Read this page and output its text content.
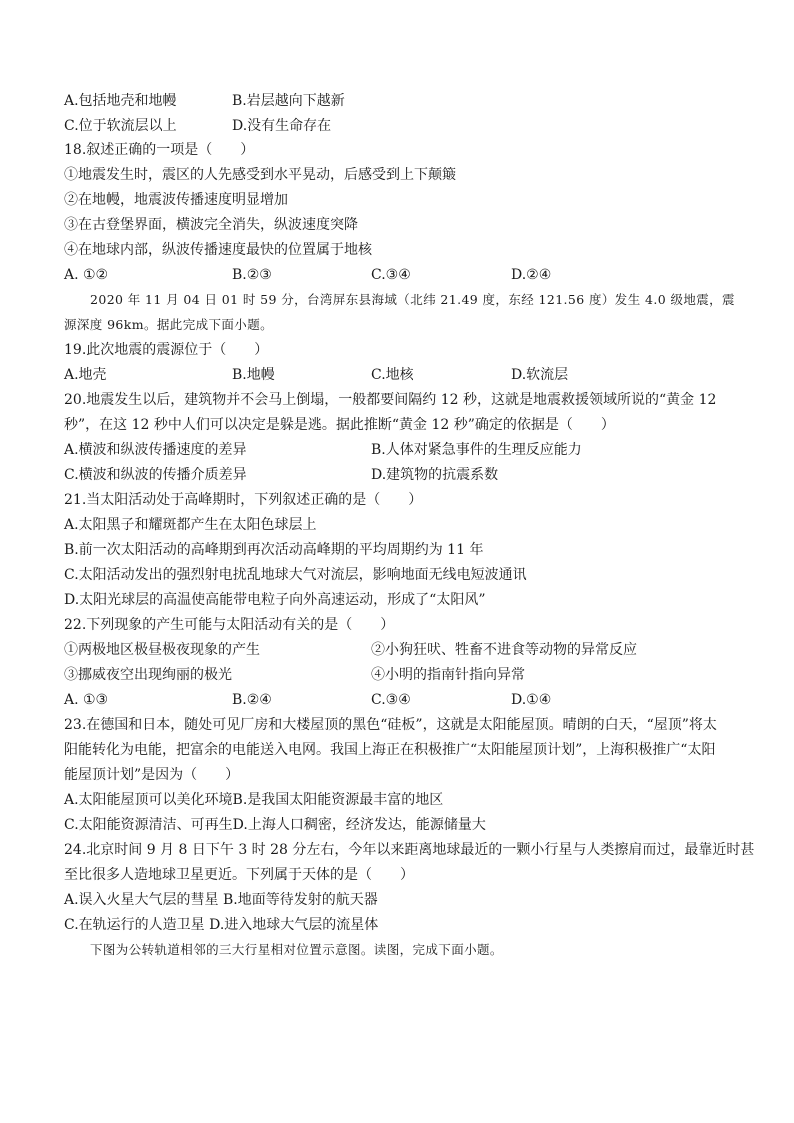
A.包括地壳和地幔	B.岩层越向下越新
C.位于软流层以上	D.没有生命存在
18.叙述正确的一项是（　　）
①地震发生时，震区的人先感受到水平晃动，后感受到上下颠簸
②在地幔，地震波传播速度明显增加
③在古登堡界面，横波完全消失，纵波速度突降
④在地球内部，纵波传播速度最快的位置属于地核
A. ①②	B.②③	C.③④	D.②④
2020 年 11 月 04 日 01 时 59 分，台湾屏东县海域（北纬 21.49 度，东经 121.56 度）发生 4.0 级地震，震
源深度 96km。据此完成下面小题。
19.此次地震的震源位于（　　）
A.地壳	B.地幔	C.地核	D.软流层
20.地震发生以后，建筑物并不会马上倒塌，一般都要间隔约 12 秒，这就是地震救援领域所说的“黄金 12
秒”，在这 12 秒中人们可以决定是躲是逃。据此推断“黄金 12 秒”确定的依据是（　　）
A.横波和纵波传播速度的差异	B.人体对紧急事件的生理反应能力
C.横波和纵波的传播介质差异	D.建筑物的抗震系数
21.当太阳活动处于高峰期时，下列叙述正确的是（　　）
A.太阳黑子和耀斑都产生在太阳色球层上
B.前一次太阳活动的高峰期到再次活动高峰期的平均周期约为 11 年
C.太阳活动发出的强烈射电扰乱地球大气对流层，影响地面无线电短波通讯
D.太阳光球层的高温使高能带电粒子向外高速运动，形成了“太阳风”
22.下列现象的产生可能与太阳活动有关的是（　　）
①两极地区极昼极夜现象的产生	②小狗狂吠、牲畜不进食等动物的异常反应
③挪威夜空出现绚丽的极光	④小明的指南针指向异常
A. ①③	B.②④	C.③④	D.①④
23.在德国和日本，随处可见厂房和大楼屋顶的黑色“硅板”，这就是太阳能屋顶。晴朗的白天，“屋顶”将太
阳能转化为电能，把富余的电能送入电网。我国上海正在积极推广“太阳能屋顶计划”，上海积极推广“太阳
能屋顶计划”是因为（　　）
A.太阳能屋顶可以美化环境B.是我国太阳能资源最丰富的地区
C.太阳能资源清洁、可再生D.上海人口稠密，经济发达，能源储量大
24.北京时间 9 月 8 日下午 3 时 28 分左右，今年以来距离地球最近的一颗小行星与人类擦肩而过，最靠近时甚
至比很多人造地球卫星更近。下列属于天体的是（　　）
A.误入火星大气层的彗星 B.地面等待发射的航天器
C.在轨运行的人造卫星 D.进入地球大气层的流星体
下图为公转轨道相邻的三大行星相对位置示意图。读图，完成下面小题。
